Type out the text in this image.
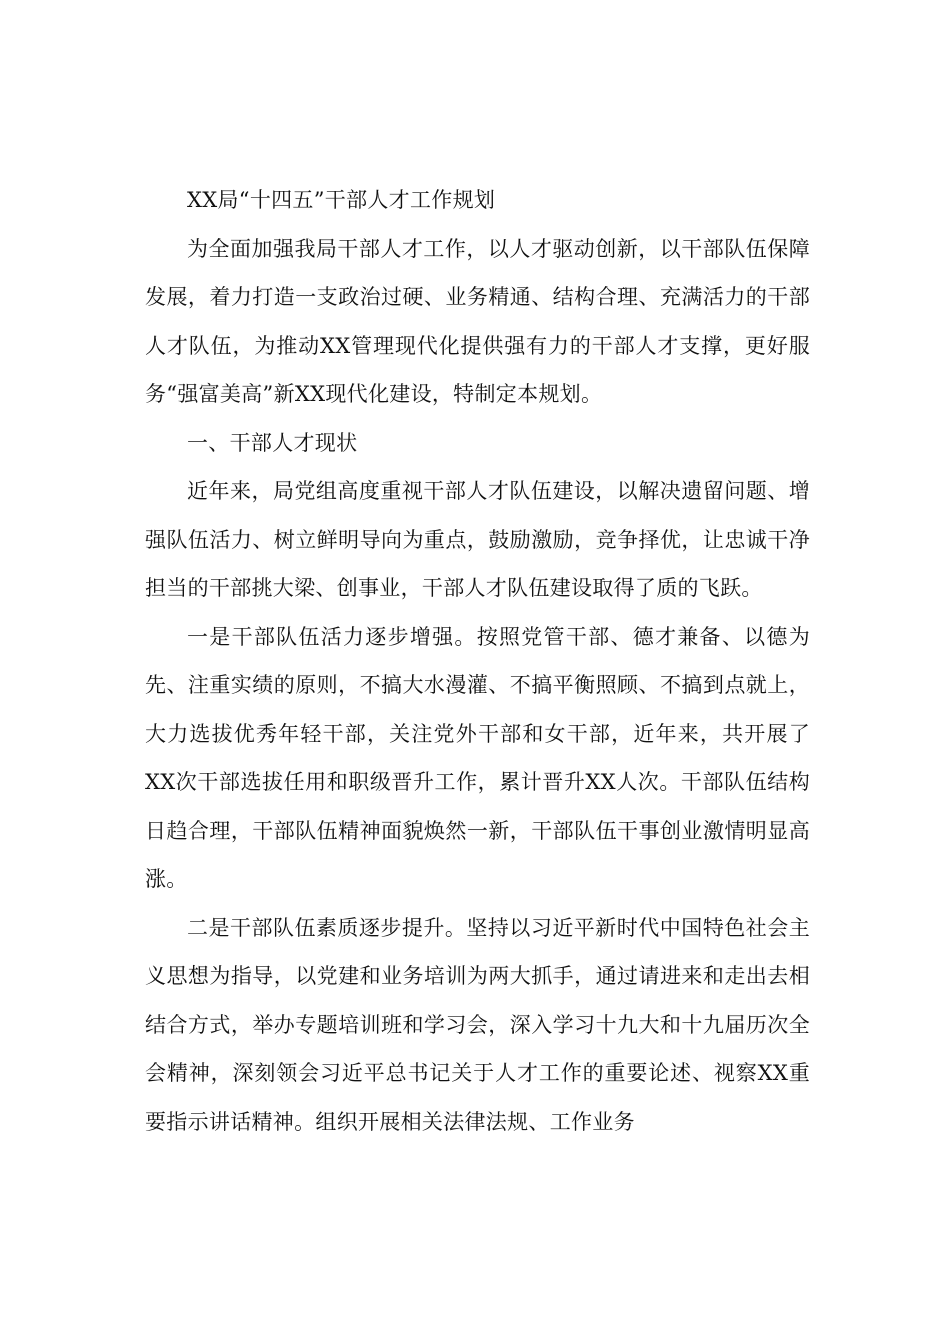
XX局“十四五”干部人才工作规划

为全面加强我局干部人才工作，以人才驱动创新，以干部队伍保障发展，着力打造一支政治过硬、业务精通、结构合理、充满活力的干部人才队伍，为推动XX管理现代化提供强有力的干部人才支撑，更好服务“强富美高”新XX现代化建设，特制定本规划。

一、干部人才现状

近年来，局党组高度重视干部人才队伍建设，以解决遗留问题、增强队伍活力、树立鲜明导向为重点，鼓励激励，竞争择优，让忠诚干净担当的干部挑大梁、创事业，干部人才队伍建设取得了质的飞跃。

一是干部队伍活力逐步增强。按照党管干部、德才兼备、以德为先、注重实绩的原则，不搞大水漫灌、不搞平衡照顾、不搞到点就上，大力选拔优秀年轻干部，关注党外干部和女干部，近年来，共开展了XX次干部选拔任用和职级晋升工作，累计晋升XX人次。干部队伍结构日趋合理，干部队伍精神面貌焕然一新，干部队伍干事创业激情明显高涨。

二是干部队伍素质逐步提升。坚持以习近平新时代中国特色社会主义思想为指导，以党建和业务培训为两大抓手，通过请进来和走出去相结合方式，举办专题培训班和学习会，深入学习十九大和十九届历次全会精神，深刻领会习近平总书记关于人才工作的重要论述、视察XX重要指示讲话精神。组织开展相关法律法规、工作业务
